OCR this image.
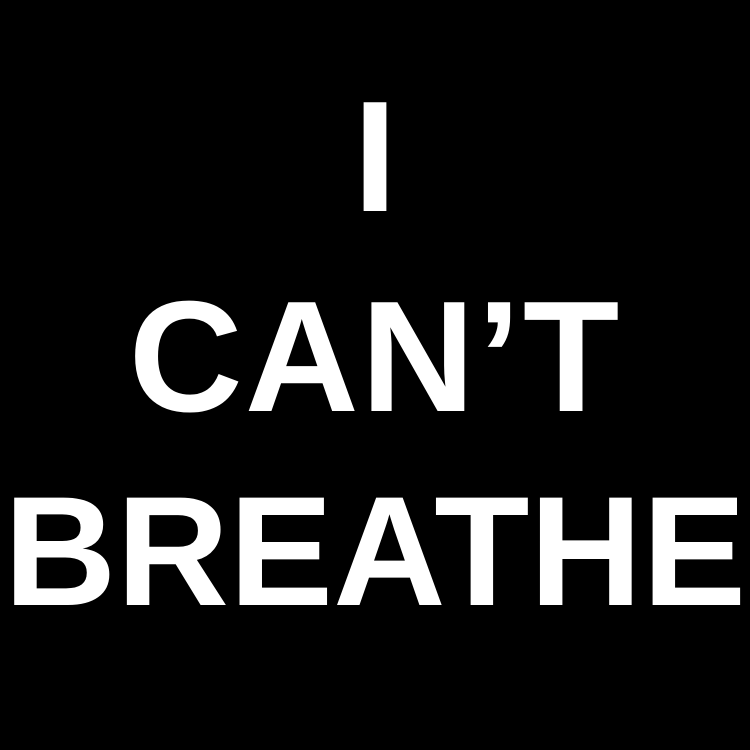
I
CAN’T
BREATHE
